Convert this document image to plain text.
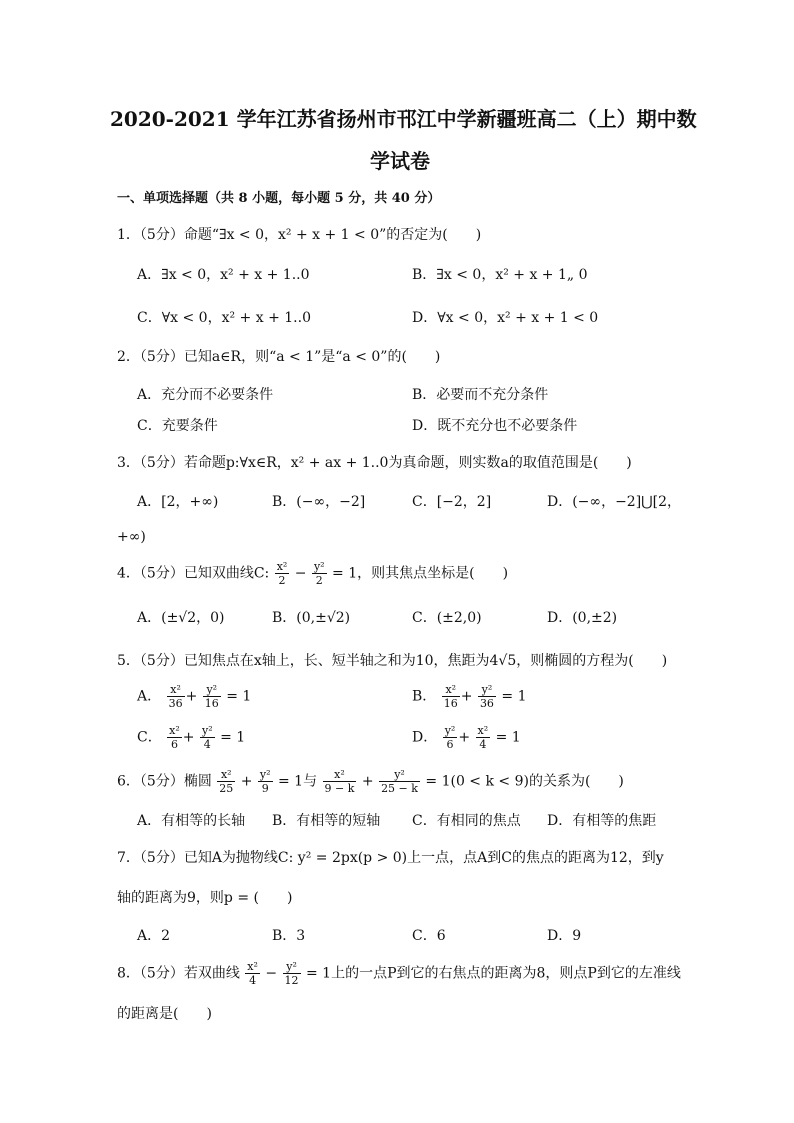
2020-2021 学年江苏省扬州市邗江中学新疆班高二（上）期中数
学试卷
一、单项选择题（共 8 小题，每小题 5 分，共 40 分）
1．（5分）命题“∃x < 0，x² + x + 1 < 0”的否定为(　　)
A．∃x < 0，x² + x + 1..0	B．∃x < 0，x² + x + 1„ 0
C．∀x < 0，x² + x + 1..0	D．∀x < 0，x² + x + 1 < 0
2．（5分）已知a∈R，则“a < 1”是“a < 0”的(　　)
A．充分而不必要条件	B．必要而不充分条件
C．充要条件	D．既不充分也不必要条件
3．（5分）若命题p:∀x∈R，x² + ax + 1..0为真命题，则实数a的取值范围是(　　)
A．[2，+∞)	B．(−∞，−2]	C．[−2，2]	D．(−∞，−2]⋃[2，
+∞)
4．（5分）已知双曲线C: $\frac{\text{x²}}{2} - \frac{\text{y²}}{2} = 1$，则其焦点坐标是(　　)
A．(±√2，0)	B．(0,±√2)	C．(±2,0)	D．(0,±2)
5．（5分）已知焦点在x轴上，长、短半轴之和为10，焦距为4√5，则椭圆的方程为(　　)
A． $\frac{\text{x²}}{36} + \frac{\text{y²}}{16} = 1$	B． $\frac{\text{x²}}{16} + \frac{\text{y²}}{36} = 1$
C． $\frac{\text{x²}}{6} + \frac{\text{y²}}{4} = 1$	D． $\frac{\text{y²}}{6} + \frac{\text{x²}}{4} = 1$
6．（5分）椭圆 $\frac{\text{x²}}{25} + \frac{\text{y²}}{9} = 1$与 $\frac{\text{x²}}{9 - k} + \frac{\text{y²}}{25 - k} = 1(0 < k < 9)$的关系为(　　)
A．有相等的长轴 B．有相等的短轴 C．有相同的焦点 D．有相等的焦距
7．（5分）已知A为抛物线C: y² = 2px(p > 0)上一点，点A到C的焦点的距离为12，到y
轴的距离为9，则p = (　　)
A．2	B．3	C．6	D．9
8．（5分）若双曲线 $\frac{\text{x²}}{4} - \frac{\text{y²}}{12} = 1$上的一点P到它的右焦点的距离为8，则点P到它的左准线
的距离是(　　)
